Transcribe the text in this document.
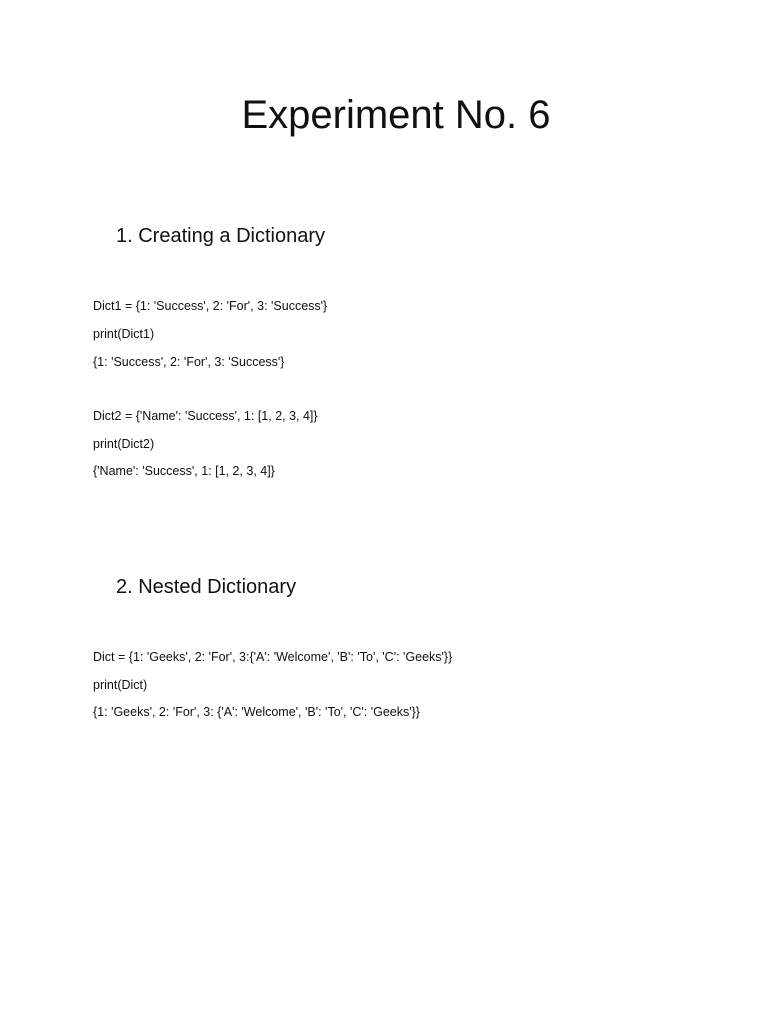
Experiment No. 6
1. Creating a Dictionary

Dict1 = {1: 'Success', 2: 'For', 3: 'Success'}

print(Dict1)

{1: 'Success', 2: 'For', 3: 'Success'}

Dict2 = {'Name': 'Success', 1: [1, 2, 3, 4]}

print(Dict2)

{'Name': 'Success', 1: [1, 2, 3, 4]}

2. Nested Dictionary

Dict = {1: 'Geeks', 2: 'For', 3:{'A': 'Welcome', 'B': 'To', 'C': 'Geeks'}}

print(Dict)

{1: 'Geeks', 2: 'For', 3: {'A': 'Welcome', 'B': 'To', 'C': 'Geeks'}}
